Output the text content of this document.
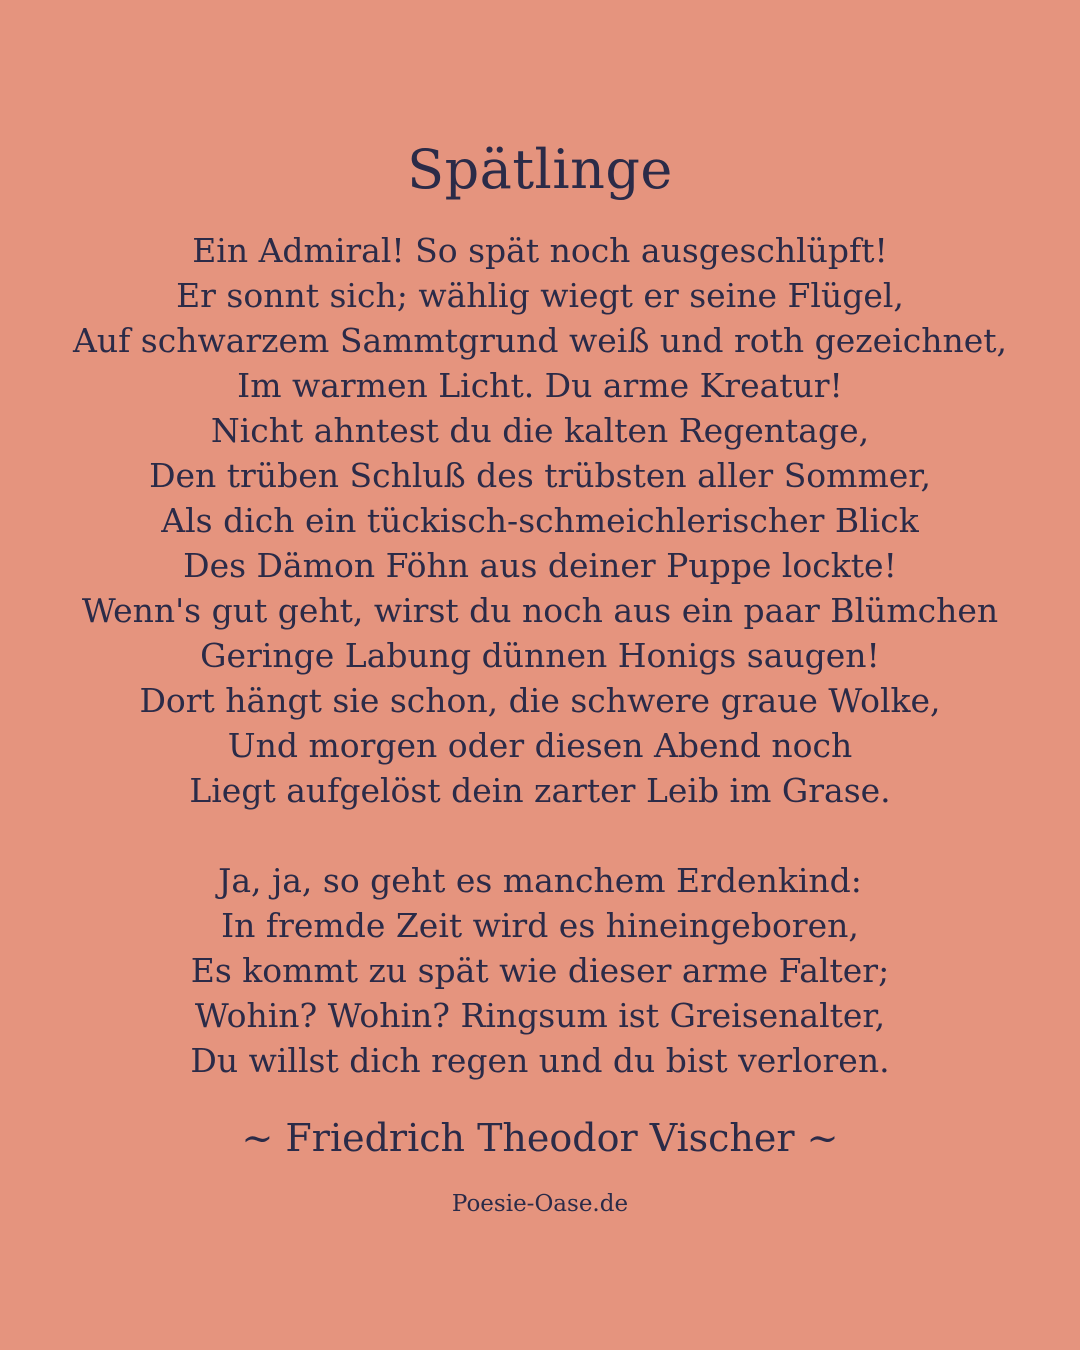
Spätlinge
Ein Admiral! So spät noch ausgeschlüpft!
Er sonnt sich; wählig wiegt er seine Flügel,
Auf schwarzem Sammtgrund weiß und roth gezeichnet,
Im warmen Licht. Du arme Kreatur!
Nicht ahntest du die kalten Regentage,
Den trüben Schluß des trübsten aller Sommer,
Als dich ein tückisch-schmeichlerischer Blick
Des Dämon Föhn aus deiner Puppe lockte!
Wenn's gut geht, wirst du noch aus ein paar Blümchen
Geringe Labung dünnen Honigs saugen!
Dort hängt sie schon, die schwere graue Wolke,
Und morgen oder diesen Abend noch
Liegt aufgelöst dein zarter Leib im Grase.
Ja, ja, so geht es manchem Erdenkind:
In fremde Zeit wird es hineingeboren,
Es kommt zu spät wie dieser arme Falter;
Wohin? Wohin? Ringsum ist Greisenalter,
Du willst dich regen und du bist verloren.
~ Friedrich Theodor Vischer ~
Poesie-Oase.de
